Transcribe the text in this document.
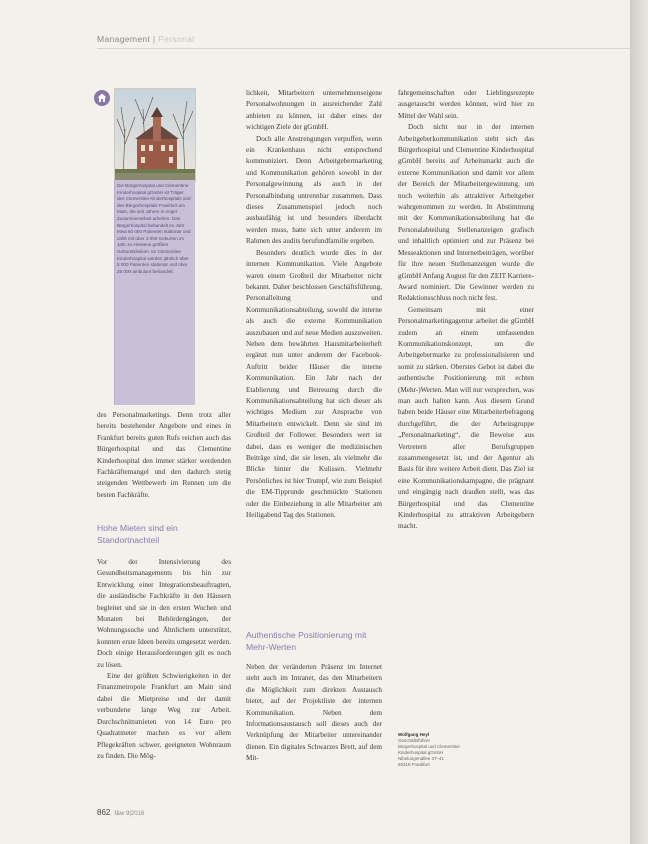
Management | Personal

Die Bürgerhospital und Clementine Kinderhospital gGmbH ist Träger des Clementine Kinderhospitals und des Bürgerhospitals Frankfurt am Main, die seit Jahren in enger Zusammenarbeit arbeiten. Das Bürgerhospital behandelt im Jahr etwa 60 000 Patienten stationär und zählt mit über 3 000 Geburten im Jahr zu Hessens größten Geburtskliniken. Im Clementine Kinderhospital werden jährlich über 5 000 Patienten stationär und über 25 000 ambulant behandelt.

des Personalmarketings. Denn trotz aller bereits bestehender Angebote und eines in Frankfurt bereits guten Rufs reichen auch das Bürgerhospital und das Clementine Kinderhospital den immer stärker werdenden Fachkräftemangel und den dadurch stetig steigenden Wettbewerb im Rennen um die besten Fachkräfte.

Hohe Mieten sind ein Standortnachteil

Vor der Intensivierung des Gesundheitsmanagements bis hin zur Entwicklung einer Integrationsbeauftragten, die ausländische Fachkräfte in den Häusern begleitet und sie in den ersten Wochen und Monaten bei Behördengängen, der Wohnungssuche und Ähnlichem unterstützt, konnten erste Ideen bereits umgesetzt werden. Doch einige Herausforderungen gilt es noch zu lösen.

Eine der größten Schwierigkeiten in der Finanzmetropole Frankfurt am Main sind dabei die Mietpreise und der damit verbundene lange Weg zur Arbeit. Durchschnittsmieten von 14 Euro pro Quadratmeter machen es vor allem Pflegekräften schwer, geeigneten Wohnraum zu finden. Die Mög-

lichkeit, Mitarbeitern unternehmenseigene Personalwohnungen in ausreichender Zahl anbieten zu können, ist daher eines der wichtigen Ziele der gGmbH.

Doch alle Anstrengungen verpuffen, wenn ein Krankenhaus nicht entsprechend kommuniziert. Denn Arbeitgebermarketing und Kommunikation gehören sowohl in der Personalgewinnung als auch in der Personalbindung untrennbar zusammen. Dass dieses Zusammenspiel jedoch noch ausbaufähig ist und besonders überdacht werden muss, hatte sich unter anderem im Rahmen des audits berufundfamilie ergeben.

Besonders deutlich wurde dies in der internen Kommunikation. Viele Angebote waren einem Großteil der Mitarbeiter nicht bekannt. Daher beschlossen Geschäftsführung, Personalleitung und Kommunikationsabteilung, sowohl die interne als auch die externe Kommunikation auszubauen und auf neue Medien auszuweiten. Neben dem bewährten Hausmitarbeiterheft ergänzt nun unter anderem der Facebook-Auftritt beider Häuser die interne Kommunikation. Ein Jahr nach der Etablierung und Betreuung durch die Kommunikationsabteilung hat sich dieser als wichtiges Medium zur Ansprache von Mitarbeitern entwickelt. Denn sie sind im Großteil der Follower. Besonders wert ist dabei, dass es weniger die medizinischen Beiträge sind, die sie lesen, als vielmehr die Blicke hinter die Kulissen. Vielmehr Persönliches ist hier Trumpf, wie zum Beispiel die EM-Tipprunde geschmückte Stationen oder die Einbeziehung in alle Mitarbeiter am Heiligabend Tag des Stationen.

Authentische Positionierung mit Mehr-Werten

Neben der veränderten Präsenz im Internet steht auch im Intranet, das den Mitarbeitern die Möglichkeit zum direkten Austausch bietet, auf der Projektliste der internen Kommunikation. Neben dem Informationsaustausch soll dieses auch der Verknüpfung der Mitarbeiter untereinander dienen. Ein digitales Schwarzes Brett, auf dem Mit-

fahrgemeinschaften oder Lieblingsrezepte ausgetauscht werden können, wird hier zu Mittel der Wahl sein.

Doch nicht nur in der internen Arbeitgeberkommunikation steht sich das Bürgerhospital und Clementine Kinderhospital gGmbH bereits auf Arbeitsmarkt auch die externe Kommunikation und damit vor allem der Bereich der Mitarbeitergewinnung, um noch weiterhin als attraktiver Arbeitgeber wahrgenommen zu werden. In Abstimmung mit der Kommunikationsabteilung hat die Personalabteilung Stellenanzeigen grafisch und inhaltlich optimiert und zur Präsenz bei Messeaktionen und Internetbeiträgen, worüber für ihre neuen Stellenanzeigen wurde die gGmbH Anfang August für den ZEIT Karriere-Award nominiert. Die Gewinner werden zu Redaktionsschluss noch nicht fest.

Gemeinsam mit einer Personalmarketingagentur arbeitet die gGmbH zudem an einem umfassenden Kommunikationskonzept, um die Arbeitgebermarke zu professionalisieren und somit zu stärken. Oberstes Gebot ist dabei die authentische Positionierung mit echten (Mehr-)Werten. Man will nur versprechen, was man auch halten kann. Aus diesem Grund haben beide Häuser eine Mitarbeiterbefragung durchgeführt, die der Arbeitsgruppe „Personalmarketing“, die Beweise aus Vertretern aller Berufsgruppen zusammengesetzt ist, und der Agentur als Basis für ihre weitere Arbeit dient. Das Ziel ist eine Kommunikationskampagne, die prägnant und eingängig nach draußen stellt, was das Bürgerhospital und das Clementine Kinderhospital zu attraktiven Arbeitgebern macht.

Wolfgang Heyl
Geschäftsführer
Bürgerhospital und Clementine Kinderhospital gGmbH
Nibelungenallee 37–41
60318 Frankfurt
862 f&w 9|2016
